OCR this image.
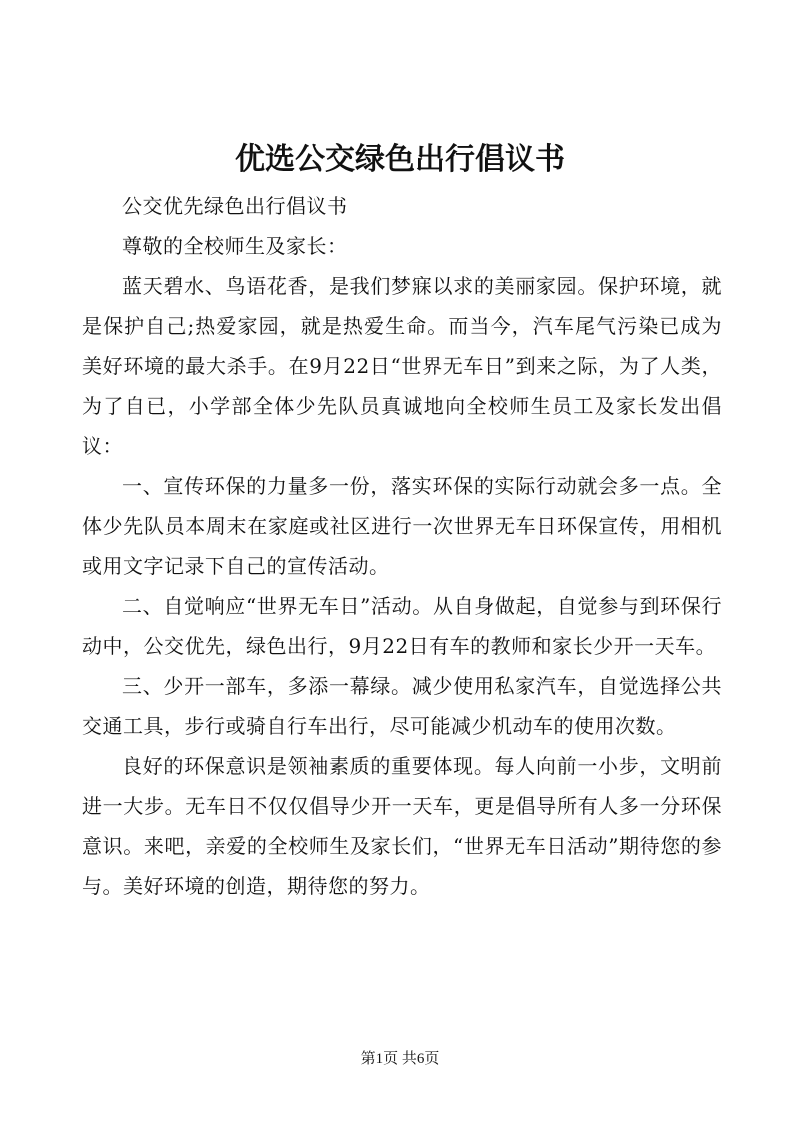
优选公交绿色出行倡议书

公交优先绿色出行倡议书

尊敬的全校师生及家长：

蓝天碧水、鸟语花香，是我们梦寐以求的美丽家园。保护环境，就是保护自己;热爱家园，就是热爱生命。而当今，汽车尾气污染已成为美好环境的最大杀手。在9月22日“世界无车日”到来之际，为了人类，为了自已，小学部全体少先队员真诚地向全校师生员工及家长发出倡议：

一、宣传环保的力量多一份，落实环保的实际行动就会多一点。全体少先队员本周末在家庭或社区进行一次世界无车日环保宣传，用相机或用文字记录下自己的宣传活动。

二、自觉响应“世界无车日”活动。从自身做起，自觉参与到环保行动中，公交优先，绿色出行，9月22日有车的教师和家长少开一天车。

三、少开一部车，多添一幕绿。减少使用私家汽车，自觉选择公共交通工具，步行或骑自行车出行，尽可能减少机动车的使用次数。

良好的环保意识是领袖素质的重要体现。每人向前一小步，文明前进一大步。无车日不仅仅倡导少开一天车，更是倡导所有人多一分环保意识。来吧，亲爱的全校师生及家长们，“世界无车日活动”期待您的参与。美好环境的创造，期待您的努力。

第1页 共6页
